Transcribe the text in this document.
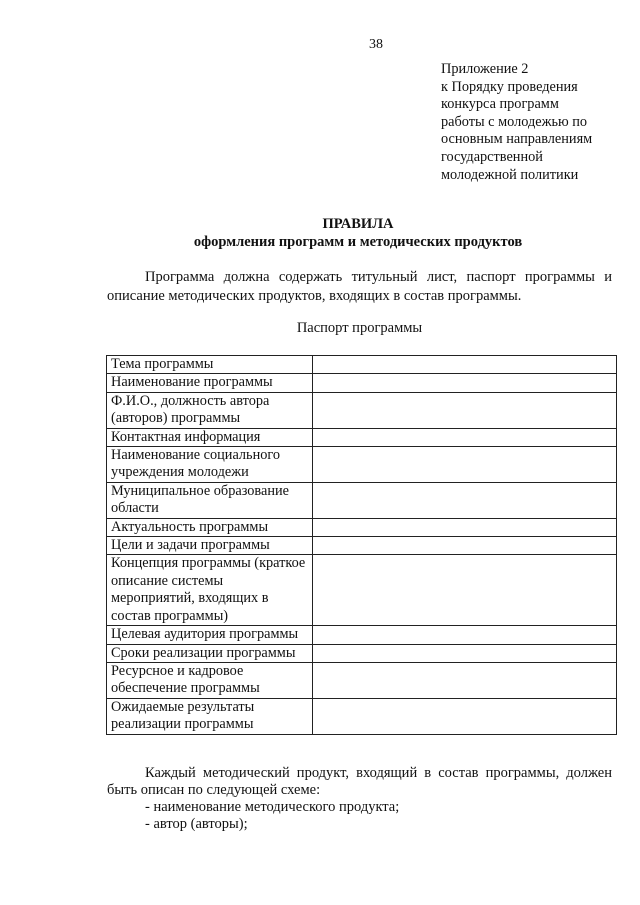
38
Приложение 2
к Порядку проведения
конкурса программ
работы с молодежью по
основным направлениям
государственной
молодежной политики
ПРАВИЛА
оформления программ и методических продуктов
Программа должна содержать титульный лист, паспорт программы и описание методических продуктов, входящих в состав программы.
Паспорт программы
Тема программы	
Наименование программы	
Ф.И.О., должность автора (авторов) программы	
Контактная информация	
Наименование социального учреждения молодежи	
Муниципальное образование области	
Актуальность программы	
Цели и задачи программы	
Концепция программы (краткое описание системы мероприятий, входящих в состав программы)	
Целевая аудитория программы	
Сроки реализации программы	
Ресурсное и кадровое обеспечение программы	
Ожидаемые результаты реализации программы	
Каждый методический продукт, входящий в состав программы, должен быть описан по следующей схеме:
- наименование методического продукта;
- автор (авторы);
